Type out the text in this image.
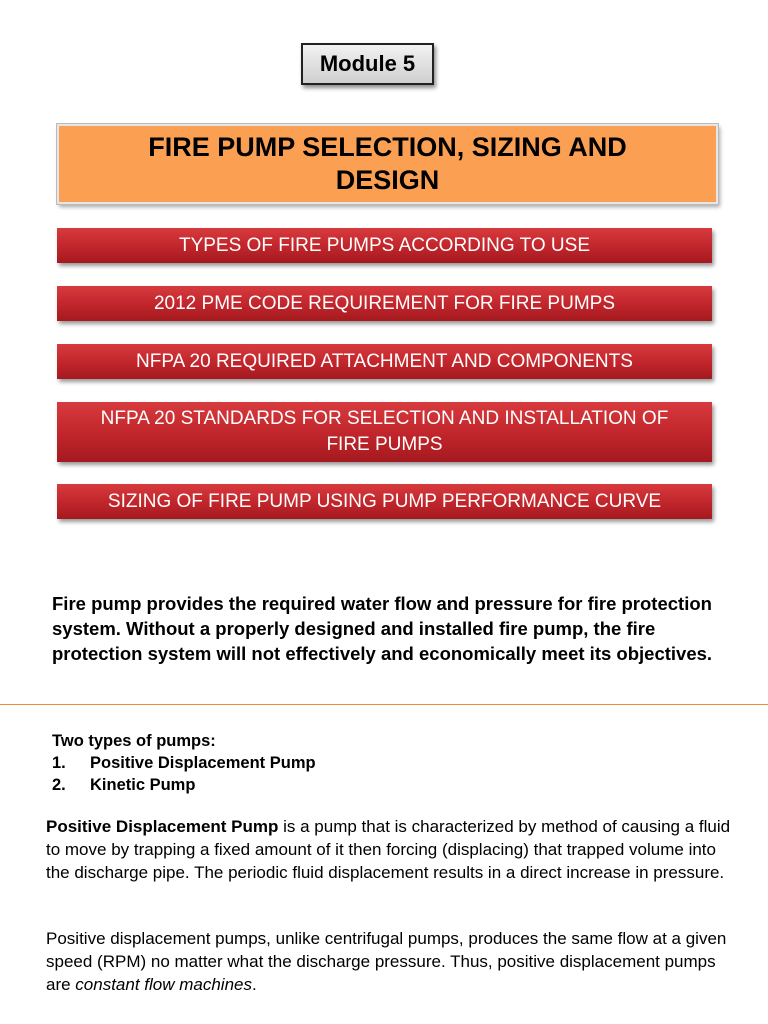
Module 5
FIRE PUMP SELECTION, SIZING AND DESIGN
TYPES OF FIRE PUMPS ACCORDING TO USE
2012 PME CODE REQUIREMENT FOR FIRE PUMPS
NFPA 20 REQUIRED ATTACHMENT AND COMPONENTS
NFPA 20 STANDARDS FOR SELECTION AND INSTALLATION OF FIRE PUMPS
SIZING OF FIRE PUMP USING PUMP PERFORMANCE CURVE

Fire pump provides the required water flow and pressure for fire protection system. Without a properly designed and installed fire pump, the fire protection system will not effectively and economically meet its objectives.

Two types of pumps:

1.	Positive Displacement Pump
2.	Kinetic Pump

Positive Displacement Pump is a pump that is characterized by method of causing a fluid to move by trapping a fixed amount of it then forcing (displacing) that trapped volume into the discharge pipe. The periodic fluid displacement results in a direct increase in pressure.

Positive displacement pumps, unlike centrifugal pumps, produces the same flow at a given speed (RPM) no matter what the discharge pressure. Thus, positive displacement pumps are constant flow machines.
